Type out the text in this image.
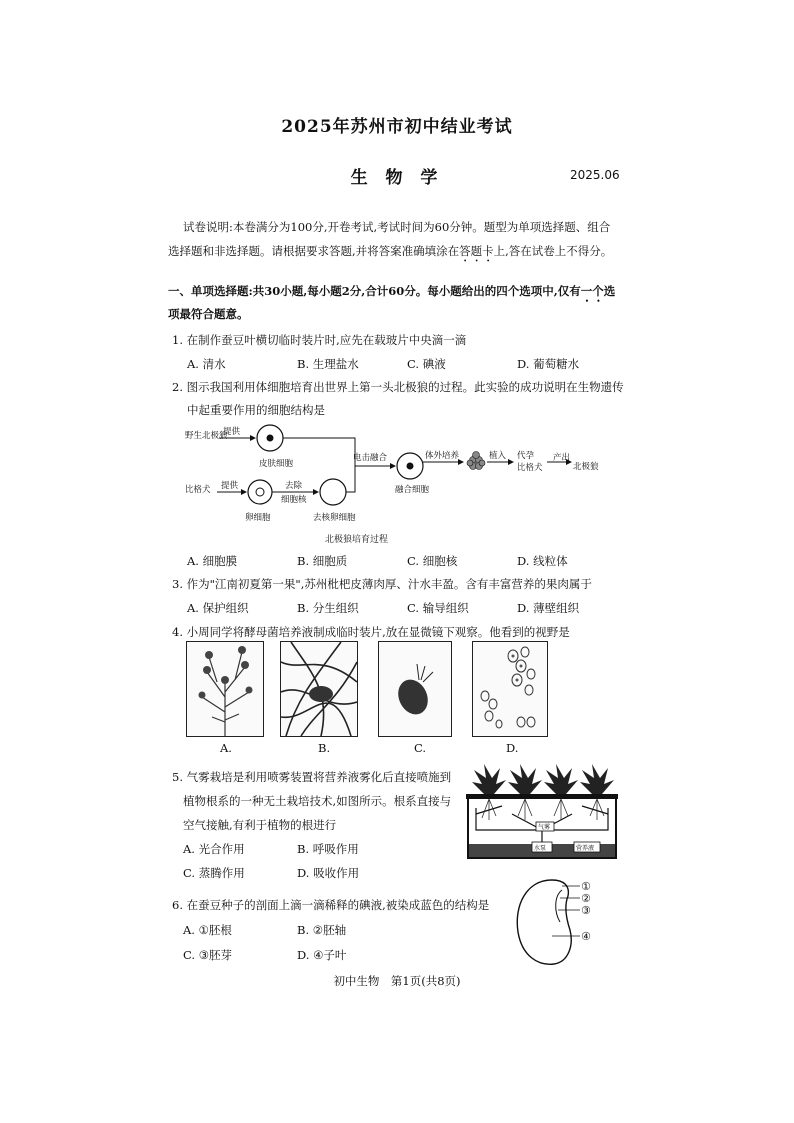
2025年苏州市初中结业考试
生 物 学	2025.06
试卷说明:本卷满分为100分,开卷考试,考试时间为60分钟。题型为单项选择题、组合
选择题和非选择题。请根据要求答题,并将答案准确填涂在答题卡上,答在试卷上不得分。
一、单项选择题:共30小题,每小题2分,合计60分。每小题给出的四个选项中,仅有一个选
项最符合题意。
1. 在制作蚕豆叶横切临时装片时,应先在载玻片中央滴一滴
A. 清水	B. 生理盐水	C. 碘液	D. 葡萄糖水
2. 图示我国利用体细胞培育出世界上第一头北极狼的过程。此实验的成功说明在生物遗传
中起重要作用的细胞结构是
野生北极狼
比格犬
提供
提供
皮肤细胞
卵细胞
去除
细胞核
去核卵细胞
电击融合
融合细胞
体外培养	植入 代孕
比格犬
产出
北极狼
北极狼培育过程
A. 细胞膜	B. 细胞质	C. 细胞核	D. 线粒体
3. 作为"江南初夏第一果",苏州枇杷皮薄肉厚、汁水丰盈。含有丰富营养的果肉属于
A. 保护组织	B. 分生组织	C. 输导组织	D. 薄壁组织
4. 小周同学将酵母菌培养液制成临时装片,放在显微镜下观察。他看到的视野是
A.	B.	C.	D.
5. 气雾栽培是利用喷雾装置将营养液雾化后直接喷施到
植物根系的一种无土栽培技术,如图所示。根系直接与
空气接触,有利于植物的根进行
A. 光合作用	B. 呼吸作用
C. 蒸腾作用	D. 吸收作用
气雾
水泵	营养液
6. 在蚕豆种子的剖面上滴一滴稀释的碘液,被染成蓝色的结构是
A. ①胚根	B. ②胚轴
C. ③胚芽	D. ④子叶
①
②
③
④
初中生物　第1页(共8页)
